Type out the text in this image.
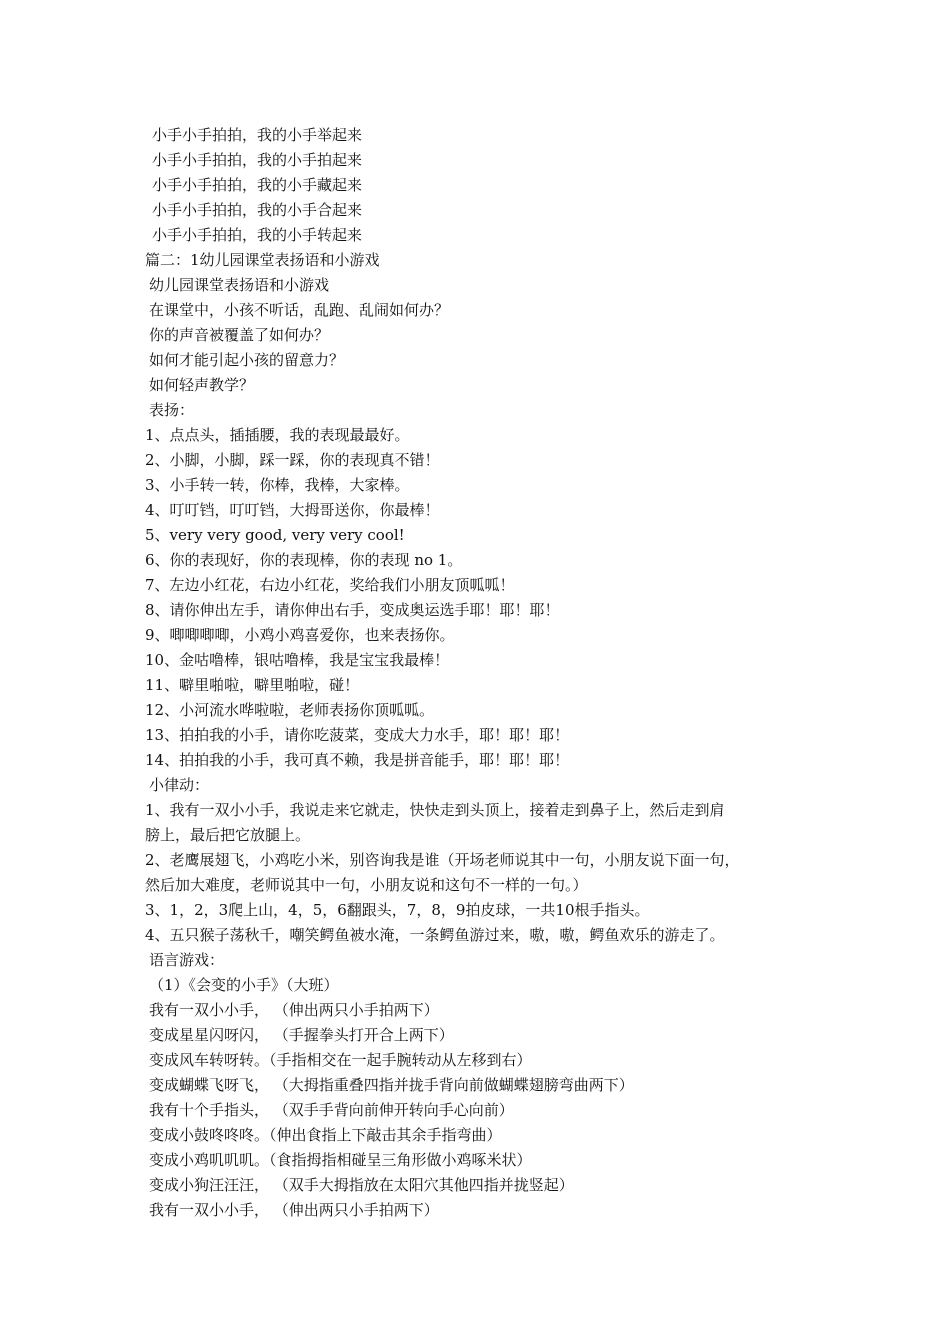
小手小手拍拍，我的小手举起来
小手小手拍拍，我的小手拍起来
小手小手拍拍，我的小手藏起来
小手小手拍拍，我的小手合起来
小手小手拍拍，我的小手转起来
篇二：1幼儿园课堂表扬语和小游戏
幼儿园课堂表扬语和小游戏
在课堂中，小孩不听话，乱跑、乱闹如何办？
你的声音被覆盖了如何办？
如何才能引起小孩的留意力？
如何轻声教学？
表扬：
1、点点头，插插腰，我的表现最最好。
2、小脚，小脚，踩一踩，你的表现真不错！
3、小手转一转，你棒，我棒，大家棒。
4、叮叮铛，叮叮铛，大拇哥送你，你最棒！
5、very very good, very very cool!
6、你的表现好，你的表现棒，你的表现 no 1。
7、左边小红花，右边小红花，奖给我们小朋友顶呱呱！
8、请你伸出左手，请你伸出右手，变成奥运选手耶！耶！耶！
9、唧唧唧唧，小鸡小鸡喜爱你，也来表扬你。
10、金咕噜棒，银咕噜棒，我是宝宝我最棒！
11、噼里啪啦，噼里啪啦，碰！
12、小河流水哗啦啦，老师表扬你顶呱呱。
13、拍拍我的小手，请你吃菠菜，变成大力水手，耶！耶！耶！
14、拍拍我的小手，我可真不赖，我是拼音能手，耶！耶！耶！
小律动：
1、我有一双小小手，我说走来它就走，快快走到头顶上，接着走到鼻子上，然后走到肩
膀上，最后把它放腿上。
2、老鹰展翅飞，小鸡吃小米，别咨询我是谁（开场老师说其中一句，小朋友说下面一句，
然后加大难度，老师说其中一句，小朋友说和这句不一样的一句。）
3、1，2，3爬上山，4，5，6翻跟头，7，8，9拍皮球，一共10根手指头。
4、五只猴子荡秋千，嘲笑鳄鱼被水淹，一条鳄鱼游过来，嗷，嗷，鳄鱼欢乐的游走了。
语言游戏：
（1）《会变的小手》（大班）
我有一双小小手， （伸出两只小手拍两下）
变成星星闪呀闪， （手握拳头打开合上两下）
变成风车转呀转。（手指相交在一起手腕转动从左移到右）
变成蝴蝶飞呀飞， （大拇指重叠四指并拢手背向前做蝴蝶翅膀弯曲两下）
我有十个手指头， （双手手背向前伸开转向手心向前）
变成小鼓咚咚咚。（伸出食指上下敲击其余手指弯曲）
变成小鸡叽叽叽。（食指拇指相碰呈三角形做小鸡啄米状）
变成小狗汪汪汪， （双手大拇指放在太阳穴其他四指并拢竖起）
我有一双小小手， （伸出两只小手拍两下）
